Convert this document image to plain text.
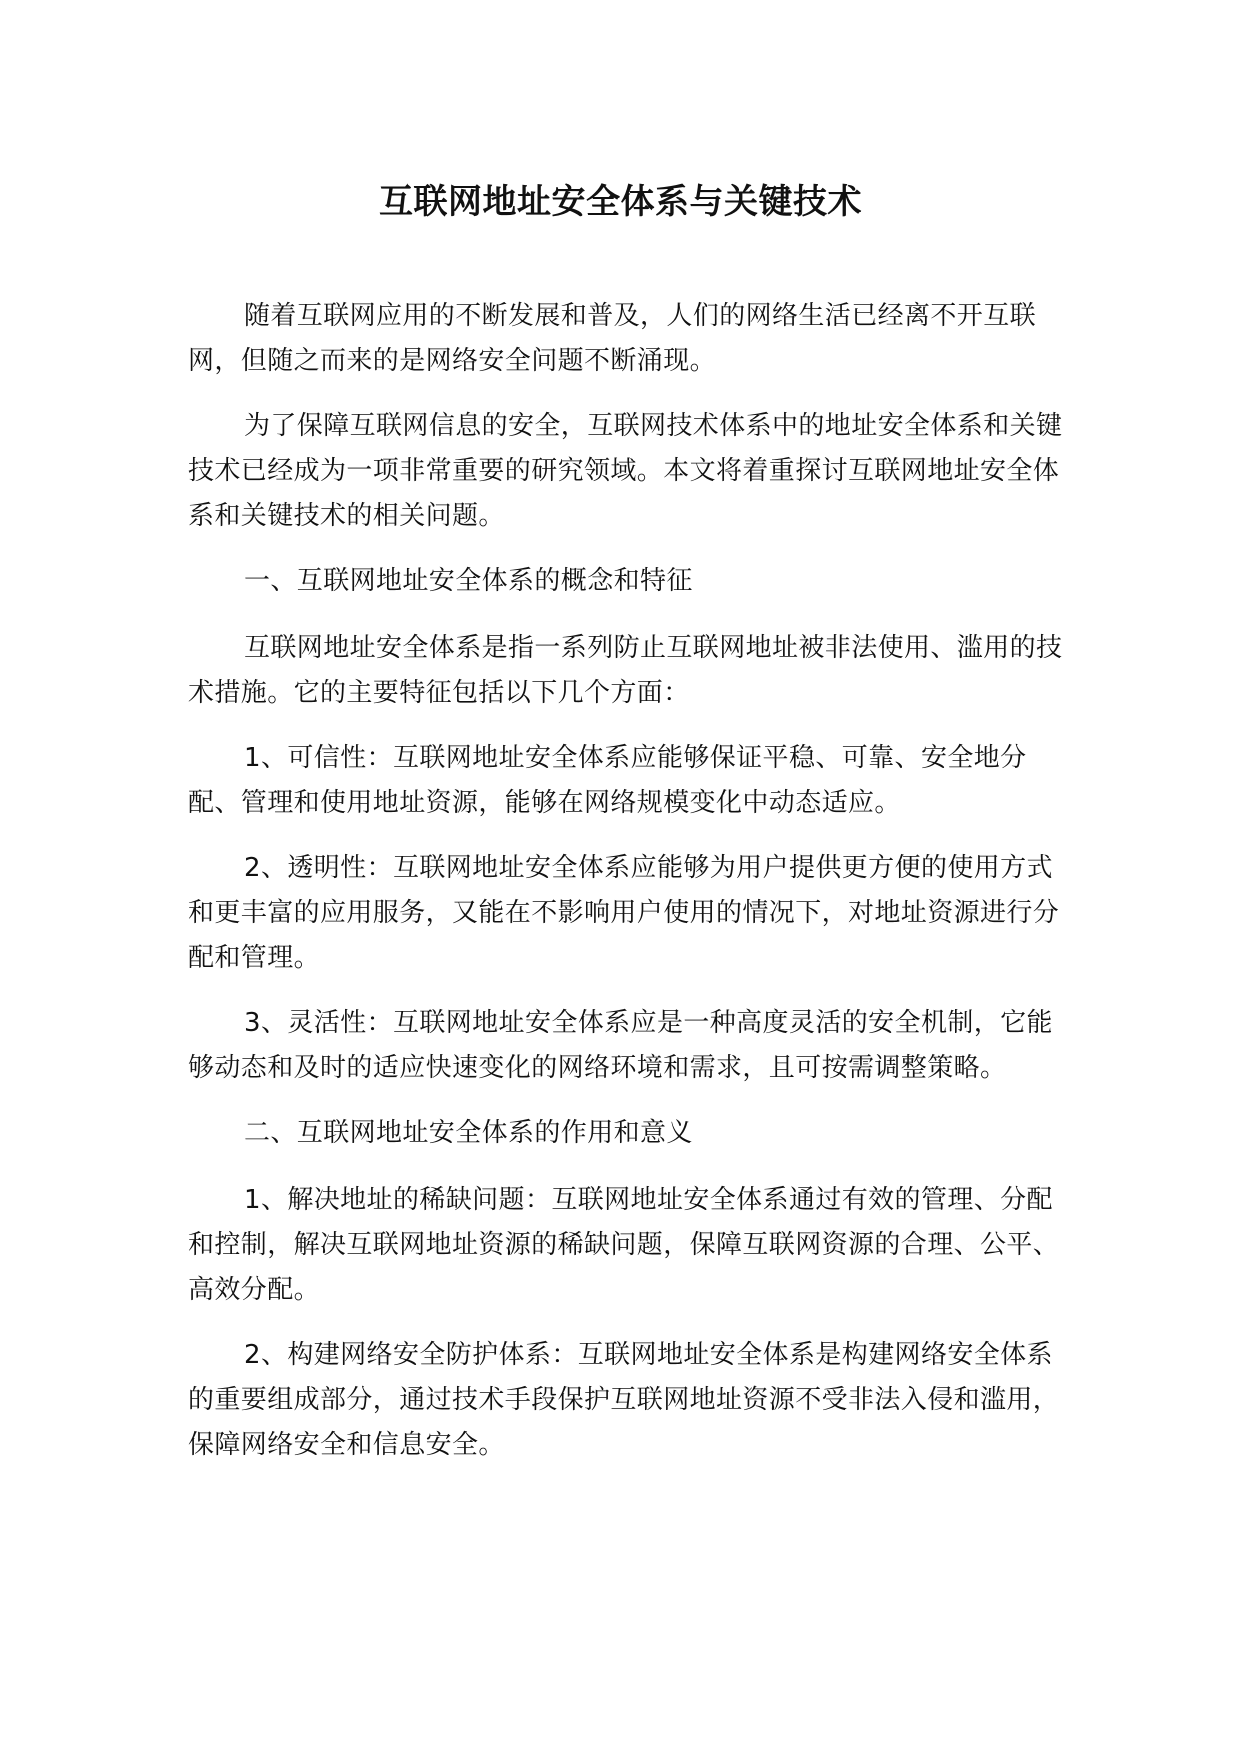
互联网地址安全体系与关键技术

随着互联网应用的不断发展和普及，人们的网络生活已经离不开互联网，但随之而来的是网络安全问题不断涌现。

为了保障互联网信息的安全，互联网技术体系中的地址安全体系和关键技术已经成为一项非常重要的研究领域。本文将着重探讨互联网地址安全体系和关键技术的相关问题。

一、互联网地址安全体系的概念和特征

互联网地址安全体系是指一系列防止互联网地址被非法使用、滥用的技术措施。它的主要特征包括以下几个方面：

1、可信性：互联网地址安全体系应能够保证平稳、可靠、安全地分配、管理和使用地址资源，能够在网络规模变化中动态适应。

2、透明性：互联网地址安全体系应能够为用户提供更方便的使用方式和更丰富的应用服务，又能在不影响用户使用的情况下，对地址资源进行分配和管理。

3、灵活性：互联网地址安全体系应是一种高度灵活的安全机制，它能够动态和及时的适应快速变化的网络环境和需求，且可按需调整策略。

二、互联网地址安全体系的作用和意义

1、解决地址的稀缺问题：互联网地址安全体系通过有效的管理、分配和控制，解决互联网地址资源的稀缺问题，保障互联网资源的合理、公平、高效分配。

2、构建网络安全防护体系：互联网地址安全体系是构建网络安全体系的重要组成部分，通过技术手段保护互联网地址资源不受非法入侵和滥用，保障网络安全和信息安全。
